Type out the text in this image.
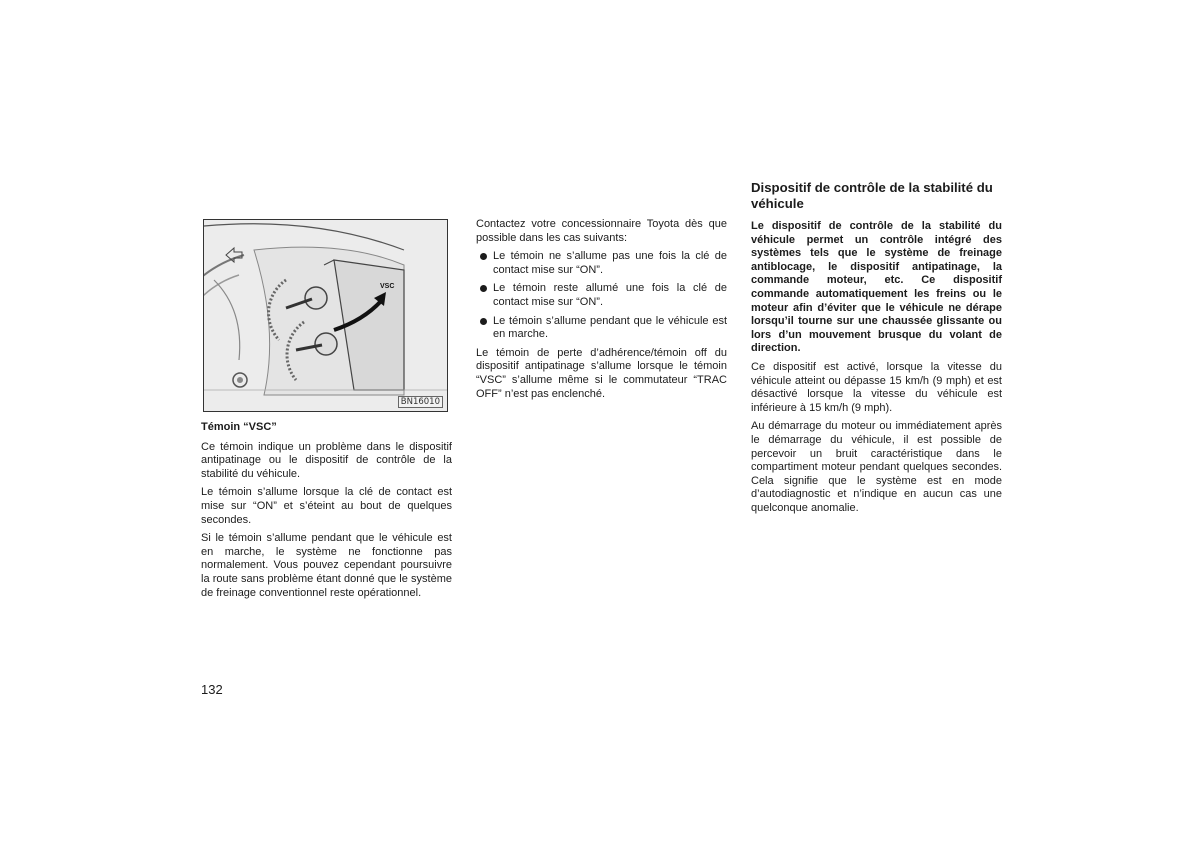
BN16010
VSC
Témoin “VSC”

Ce témoin indique un problème dans le dispositif antipatinage ou le dispositif de contrôle de la stabilité du véhicule.

Le témoin s’allume lorsque la clé de contact est mise sur “ON” et s’éteint au bout de quelques secondes.

Si le témoin s’allume pendant que le véhicule est en marche, le système ne fonctionne pas normalement. Vous pouvez cependant poursuivre la route sans problème étant donné que le système de freinage conventionnel reste opérationnel.

Contactez votre concessionnaire Toyota dès que possible dans les cas suivants:

Le témoin ne s’allume pas une fois la clé de contact mise sur “ON”.
Le témoin reste allumé une fois la clé de contact mise sur “ON”.
Le témoin s’allume pendant que le véhicule est en marche.

Le témoin de perte d’adhérence/témoin off du dispositif antipatinage s’allume lorsque le témoin “VSC” s’allume même si le commutateur “TRAC OFF” n’est pas enclenché.

Dispositif de contrôle de la stabilité du véhicule

Le dispositif de contrôle de la stabilité du véhicule permet un contrôle intégré des systèmes tels que le système de freinage antiblocage, le dispositif antipatinage, la commande moteur, etc. Ce dispositif commande automatiquement les freins ou le moteur afin d’éviter que le véhicule ne dérape lorsqu’il tourne sur une chaussée glissante ou lors d’un mouvement brusque du volant de direction.

Ce dispositif est activé, lorsque la vitesse du véhicule atteint ou dépasse 15 km/h (9 mph) et est désactivé lorsque la vitesse du véhicule est inférieure à 15 km/h (9 mph).

Au démarrage du moteur ou immédiatement après le démarrage du véhicule, il est possible de percevoir un bruit caractéristique dans le compartiment moteur pendant quelques secondes. Cela signifie que le système est en mode d’autodiagnostic et n’indique en aucun cas une quelconque anomalie.

132
